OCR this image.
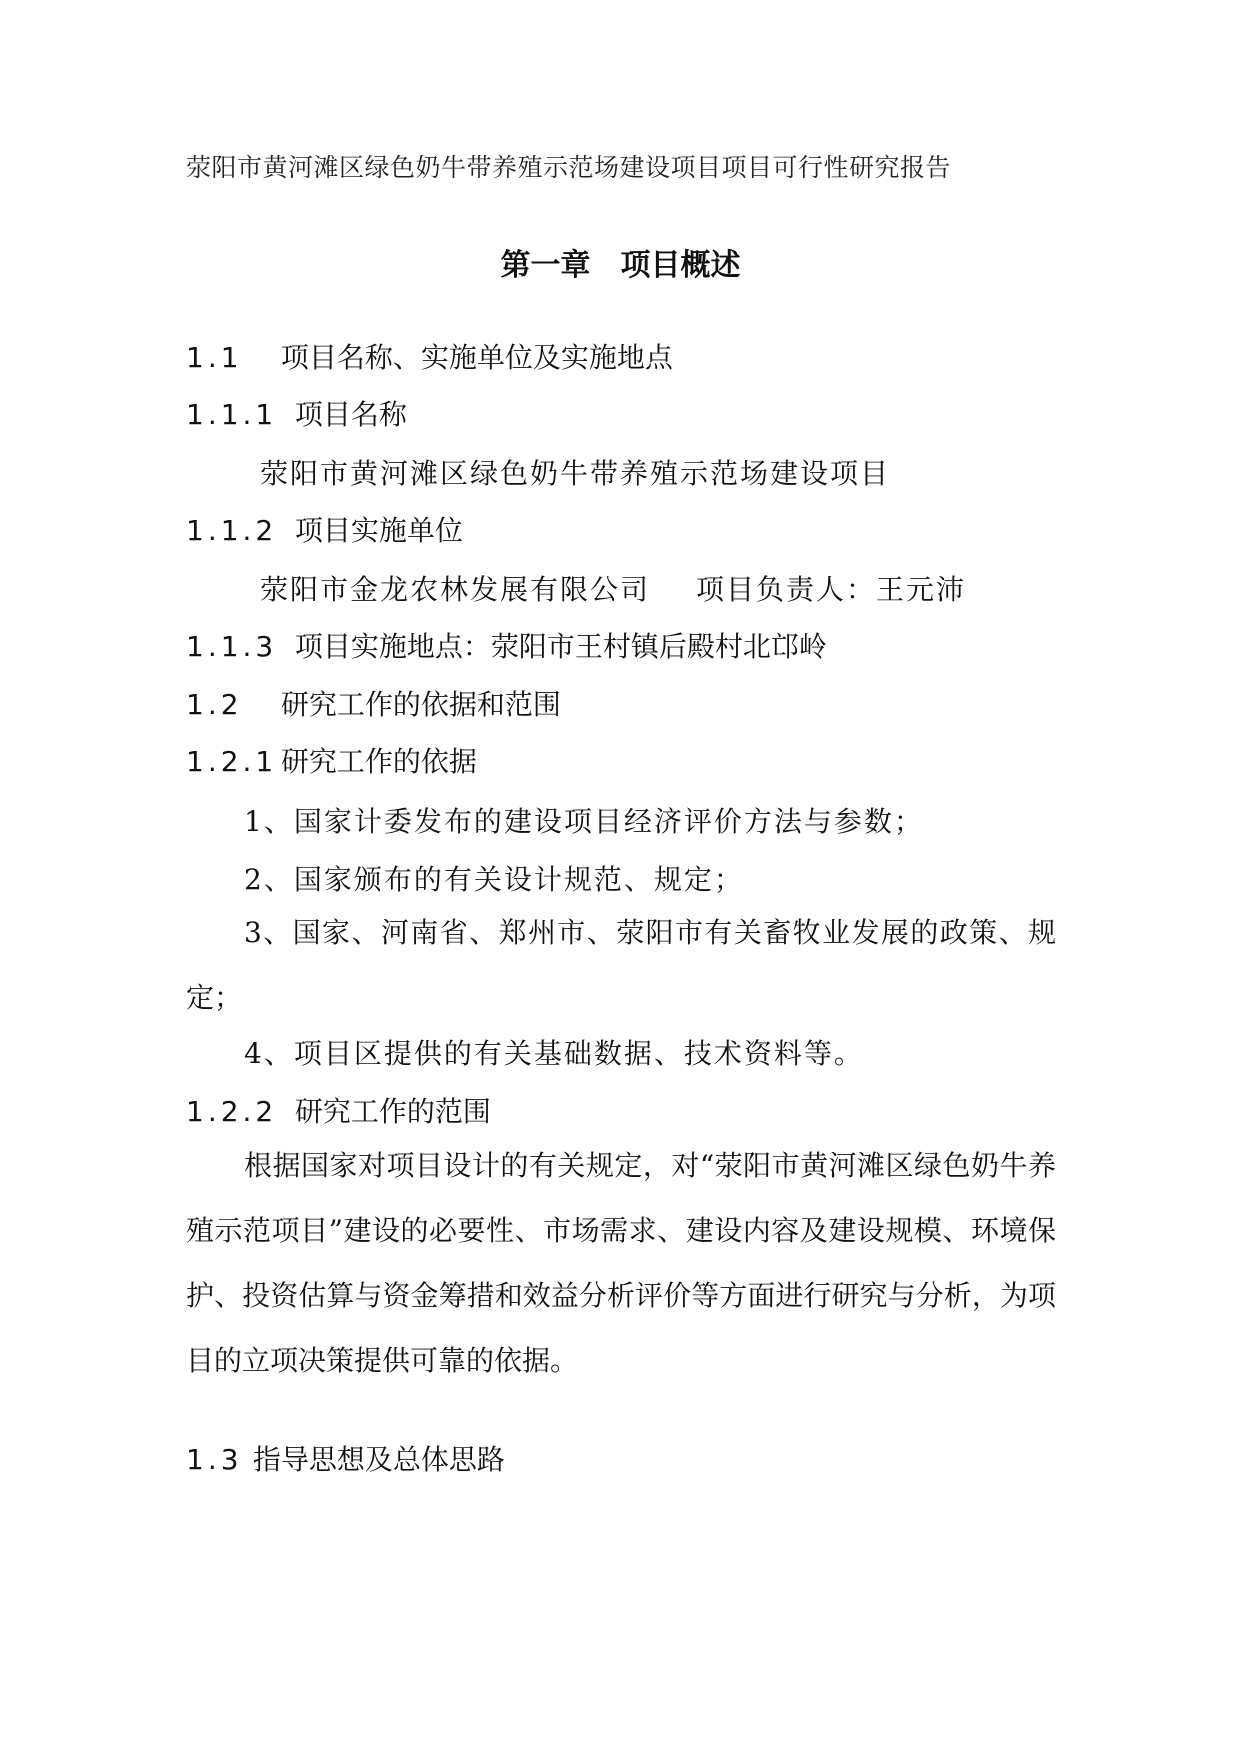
荥阳市黄河滩区绿色奶牛带养殖示范场建设项目项目可行性研究报告
第一章　项目概述
1.1 项目名称、实施单位及实施地点
1.1.1 项目名称
荥阳市黄河滩区绿色奶牛带养殖示范场建设项目
1.1.2 项目实施单位
荥阳市金龙农林发展有限公司 项目负责人：王元沛
1.1.3 项目实施地点：荥阳市王村镇后殿村北邙岭
1.2 研究工作的依据和范围
1.2.1 研究工作的依据
1、国家计委发布的建设项目经济评价方法与参数；
2、国家颁布的有关设计规范、规定；
3、国家、河南省、郑州市、荥阳市有关畜牧业发展的政策、规定；
4、项目区提供的有关基础数据、技术资料等。
1.2.2 研究工作的范围
根据国家对项目设计的有关规定，对“荥阳市黄河滩区绿色奶牛养殖示范项目”建设的必要性、市场需求、建设内容及建设规模、环境保护、投资估算与资金筹措和效益分析评价等方面进行研究与分析，为项目的立项决策提供可靠的依据。
1.3 指导思想及总体思路
